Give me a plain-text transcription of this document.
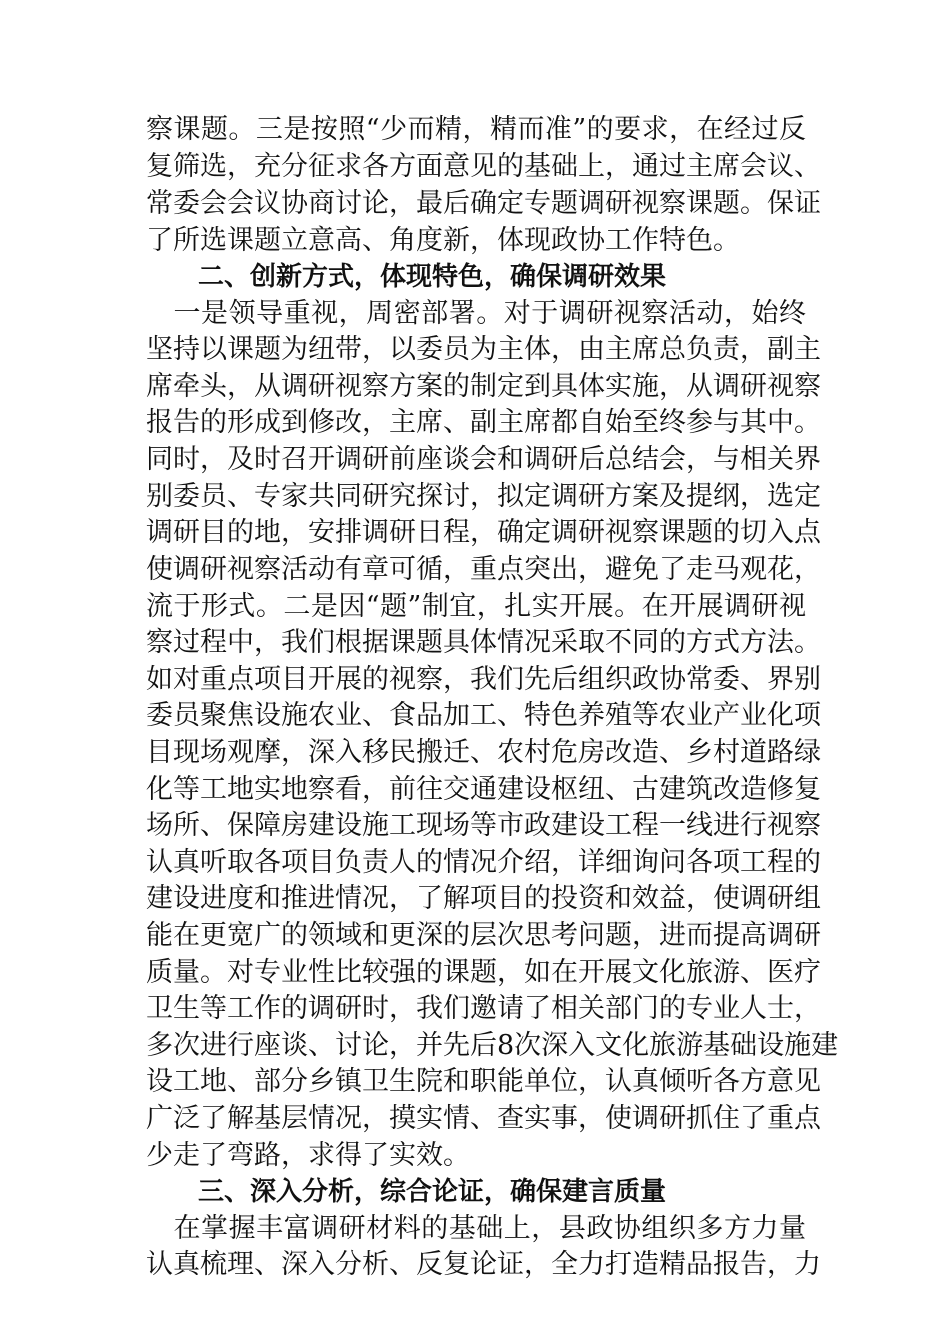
察课题。三是按照“少而精，精而准”的要求，在经过反
复筛选，充分征求各方面意见的基础上，通过主席会议、
常委会会议协商讨论，最后确定专题调研视察课题。保证
了所选课题立意高、角度新，体现政协工作特色。
二、创新方式，体现特色，确保调研效果
　一是领导重视，周密部署。对于调研视察活动，始终
坚持以课题为纽带，以委员为主体，由主席总负责，副主
席牵头，从调研视察方案的制定到具体实施，从调研视察
报告的形成到修改，主席、副主席都自始至终参与其中。
同时，及时召开调研前座谈会和调研后总结会，与相关界
别委员、专家共同研究探讨，拟定调研方案及提纲，选定
调研目的地，安排调研日程，确定调研视察课题的切入点
使调研视察活动有章可循，重点突出，避免了走马观花，
流于形式。二是因“题”制宜，扎实开展。在开展调研视
察过程中，我们根据课题具体情况采取不同的方式方法。
如对重点项目开展的视察，我们先后组织政协常委、界别
委员聚焦设施农业、食品加工、特色养殖等农业产业化项
目现场观摩，深入移民搬迁、农村危房改造、乡村道路绿
化等工地实地察看，前往交通建设枢纽、古建筑改造修复
场所、保障房建设施工现场等市政建设工程一线进行视察
认真听取各项目负责人的情况介绍，详细询问各项工程的
建设进度和推进情况，了解项目的投资和效益，使调研组
能在更宽广的领域和更深的层次思考问题，进而提高调研
质量。对专业性比较强的课题，如在开展文化旅游、医疗
卫生等工作的调研时，我们邀请了相关部门的专业人士，
多次进行座谈、讨论，并先后8次深入文化旅游基础设施建
设工地、部分乡镇卫生院和职能单位，认真倾听各方意见
广泛了解基层情况，摸实情、查实事，使调研抓住了重点
少走了弯路，求得了实效。
三、深入分析，综合论证，确保建言质量
　在掌握丰富调研材料的基础上，县政协组织多方力量
认真梳理、深入分析、反复论证，全力打造精品报告，力
